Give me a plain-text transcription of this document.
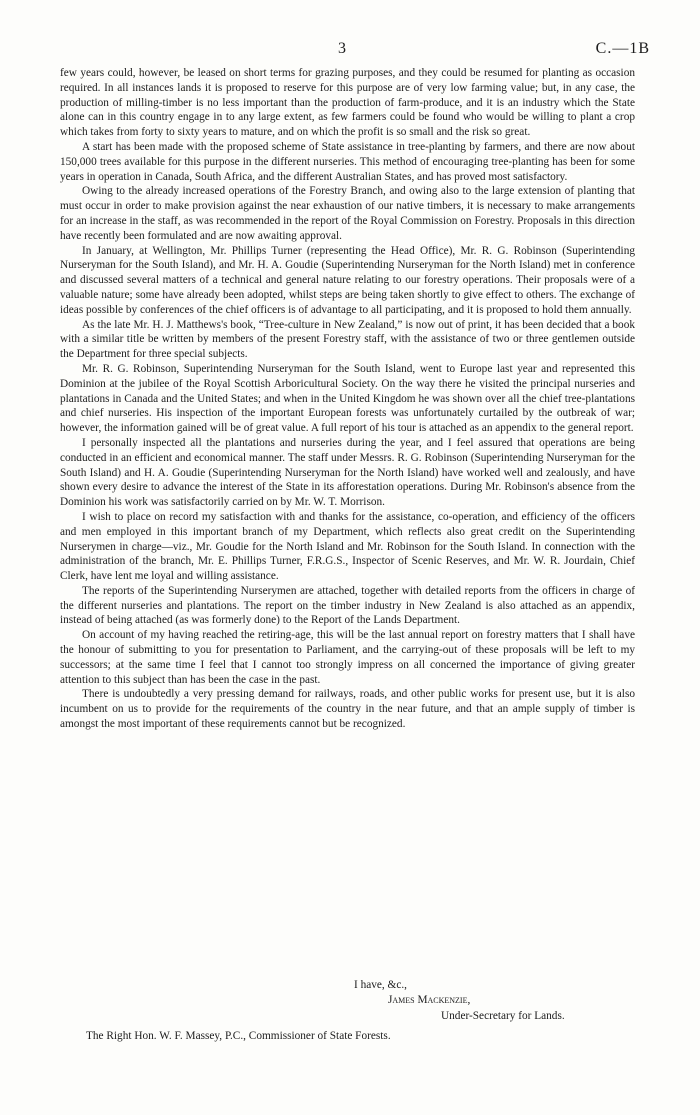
3	C.—1B

few years could, however, be leased on short terms for grazing purposes, and they could be resumed for planting as occasion required. In all instances lands it is proposed to reserve for this purpose are of very low farming value; but, in any case, the production of milling-timber is no less important than the production of farm-produce, and it is an industry which the State alone can in this country engage in to any large extent, as few farmers could be found who would be willing to plant a crop which takes from forty to sixty years to mature, and on which the profit is so small and the risk so great.

A start has been made with the proposed scheme of State assistance in tree-planting by farmers, and there are now about 150,000 trees available for this purpose in the different nurseries. This method of encouraging tree-planting has been for some years in operation in Canada, South Africa, and the different Australian States, and has proved most satisfactory.

Owing to the already increased operations of the Forestry Branch, and owing also to the large extension of planting that must occur in order to make provision against the near exhaustion of our native timbers, it is necessary to make arrangements for an increase in the staff, as was recommended in the report of the Royal Commission on Forestry. Proposals in this direction have recently been formulated and are now awaiting approval.

In January, at Wellington, Mr. Phillips Turner (representing the Head Office), Mr. R. G. Robinson (Superintending Nurseryman for the South Island), and Mr. H. A. Goudie (Superintending Nurseryman for the North Island) met in conference and discussed several matters of a technical and general nature relating to our forestry operations. Their proposals were of a valuable nature; some have already been adopted, whilst steps are being taken shortly to give effect to others. The exchange of ideas possible by conferences of the chief officers is of advantage to all participating, and it is proposed to hold them annually.

As the late Mr. H. J. Matthews's book, “Tree-culture in New Zealand,” is now out of print, it has been decided that a book with a similar title be written by members of the present Forestry staff, with the assistance of two or three gentlemen outside the Department for three special subjects.

Mr. R. G. Robinson, Superintending Nurseryman for the South Island, went to Europe last year and represented this Dominion at the jubilee of the Royal Scottish Arboricultural Society. On the way there he visited the principal nurseries and plantations in Canada and the United States; and when in the United Kingdom he was shown over all the chief tree-plantations and chief nurseries. His inspection of the important European forests was unfortunately curtailed by the outbreak of war; however, the information gained will be of great value. A full report of his tour is attached as an appendix to the general report.

I personally inspected all the plantations and nurseries during the year, and I feel assured that operations are being conducted in an efficient and economical manner. The staff under Messrs. R. G. Robinson (Superintending Nurseryman for the South Island) and H. A. Goudie (Superintending Nurseryman for the North Island) have worked well and zealously, and have shown every desire to advance the interest of the State in its afforestation operations. During Mr. Robinson's absence from the Dominion his work was satisfactorily carried on by Mr. W. T. Morrison.

I wish to place on record my satisfaction with and thanks for the assistance, co-operation, and efficiency of the officers and men employed in this important branch of my Department, which reflects also great credit on the Superintending Nurserymen in charge—viz., Mr. Goudie for the North Island and Mr. Robinson for the South Island. In connection with the administration of the branch, Mr. E. Phillips Turner, F.R.G.S., Inspector of Scenic Reserves, and Mr. W. R. Jourdain, Chief Clerk, have lent me loyal and willing assistance.

The reports of the Superintending Nurserymen are attached, together with detailed reports from the officers in charge of the different nurseries and plantations. The report on the timber industry in New Zealand is also attached as an appendix, instead of being attached (as was formerly done) to the Report of the Lands Department.

On account of my having reached the retiring-age, this will be the last annual report on forestry matters that I shall have the honour of submitting to you for presentation to Parliament, and the carrying-out of these proposals will be left to my successors; at the same time I feel that I cannot too strongly impress on all concerned the importance of giving greater attention to this subject than has been the case in the past.

There is undoubtedly a very pressing demand for railways, roads, and other public works for present use, but it is also incumbent on us to provide for the requirements of the country in the near future, and that an ample supply of timber is amongst the most important of these requirements cannot but be recognized.

I have, &c.,
James Mackenzie,
Under-Secretary for Lands.
The Right Hon. W. F. Massey, P.C., Commissioner of State Forests.
